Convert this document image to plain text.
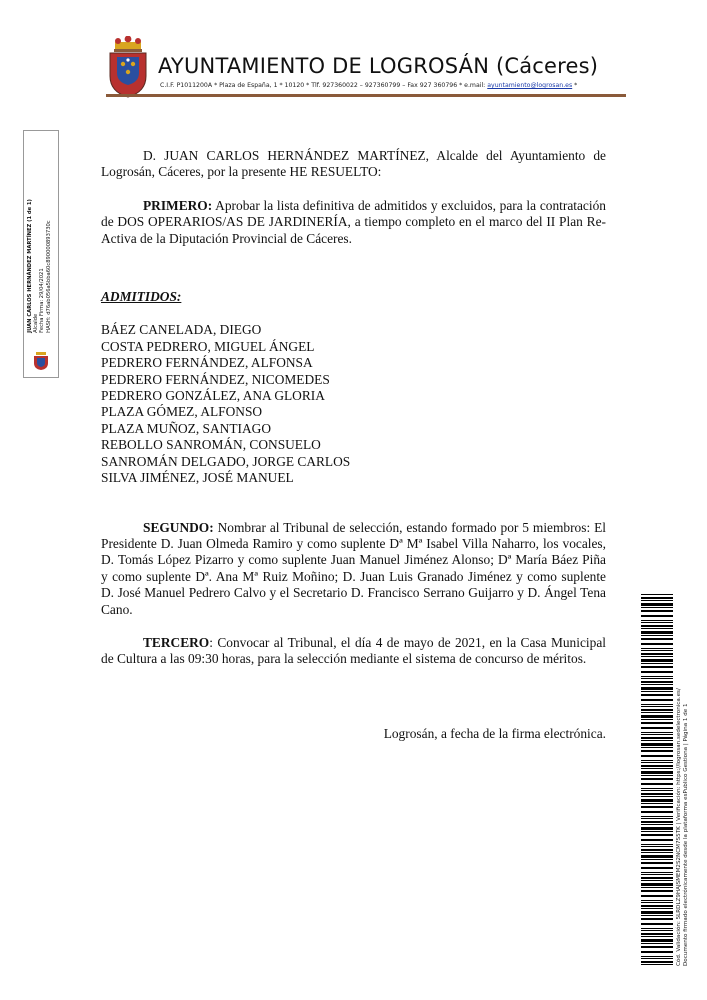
AYUNTAMIENTO DE LOGROSÁN (Cáceres)
C.I.F. P1011200A * Plaza de España, 1 * 10120 * Tlf. 927360022 – 927360799 – Fax 927 360796 * e.mail: ayuntamiento@logrosan.es *
JUAN CARLOS HERNÁNDEZ MARTÍNEZ (1 de 1) Alcalde Fecha Firma: 29/04/2021 HASH: d76ab056a5bba60c890000893730c

D. JUAN CARLOS HERNÁNDEZ MARTÍNEZ, Alcalde del Ayuntamiento de Logrosán, Cáceres, por la presente HE RESUELTO:

PRIMERO: Aprobar la lista definitiva de admitidos y excluidos, para la contratación de DOS OPERARIOS/AS DE JARDINERÍA, a tiempo completo en el marco del II Plan Re-Activa de la Diputación Provincial de Cáceres.

ADMITIDOS:

BÁEZ CANELADA, DIEGO
COSTA PEDRERO, MIGUEL ÁNGEL
PEDRERO FERNÁNDEZ, ALFONSA
PEDRERO FERNÁNDEZ, NICOMEDES
PEDRERO GONZÁLEZ, ANA GLORIA
PLAZA GÓMEZ, ALFONSO
PLAZA MUÑOZ, SANTIAGO
REBOLLO SANROMÁN, CONSUELO
SANROMÁN DELGADO, JORGE CARLOS
SILVA JIMÉNEZ, JOSÉ MANUEL

SEGUNDO: Nombrar al Tribunal de selección, estando formado por 5 miembros: El Presidente D. Juan Olmeda Ramiro y como suplente Dª Mª Isabel Villa Naharro, los vocales, D. Tomás López Pizarro y como suplente Juan Manuel Jiménez Alonso; Dª María Báez Piña y como suplente Dª. Ana Mª Ruiz Moñino; D. Juan Luis Granado Jiménez y como suplente D. José Manuel Pedrero Calvo y el Secretario D. Francisco Serrano Guijarro y D. Ángel Tena Cano.

TERCERO: Convocar al Tribunal, el día 4 de mayo de 2021, en la Casa Municipal de Cultura a las 09:30 horas, para la selección mediante el sistema de concurso de méritos.

Logrosán, a fecha de la firma electrónica.	Cód. Validación: 5LRDLZ9HAJSMEM2S2NCM7S5TK | Verificación: https://logrosan.sedelectronica.es/ Documento firmado electrónicamente desde la plataforma esPublico Gestiona | Página 1 de 1
